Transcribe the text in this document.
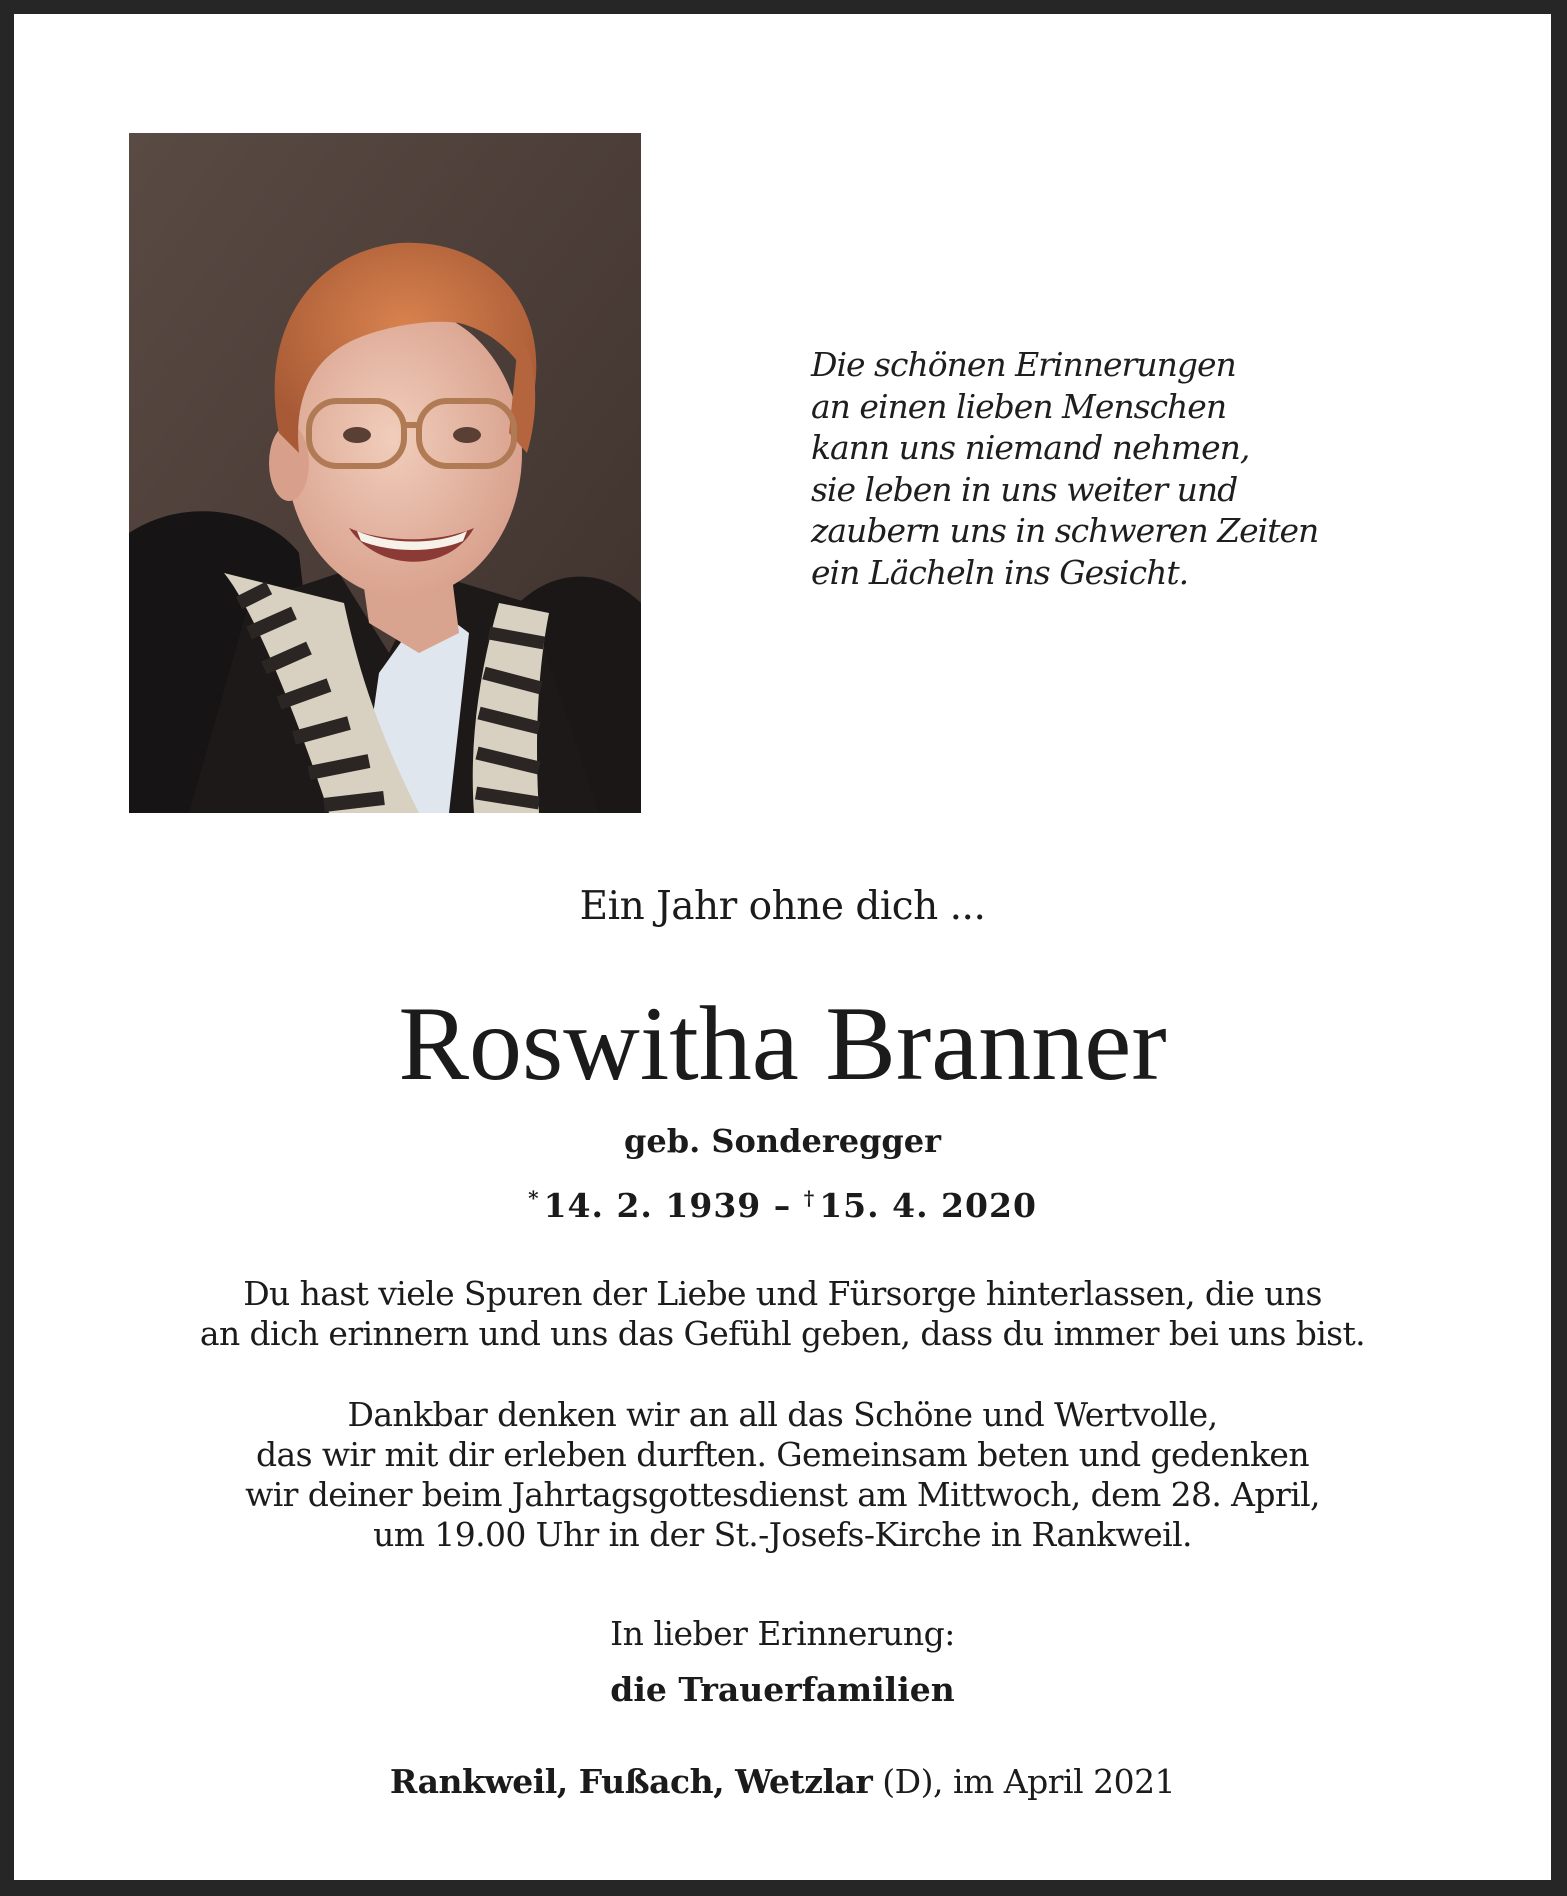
Die schönen Erinnerungen
an einen lieben Menschen
kann uns niemand nehmen,
sie leben in uns weiter und
zaubern uns in schweren Zeiten
ein Lächeln ins Gesicht.
Ein Jahr ohne dich ...
Roswitha Branner
geb. Sonderegger
* 14. 2. 1939 – † 15. 4. 2020
Du hast viele Spuren der Liebe und Fürsorge hinterlassen, die uns
an dich erinnern und uns das Gefühl geben, dass du immer bei uns bist.
Dankbar denken wir an all das Schöne und Wertvolle,
das wir mit dir erleben durften. Gemeinsam beten und gedenken
wir deiner beim Jahrtagsgottesdienst am Mittwoch, dem 28. April,
um 19.00 Uhr in der St.-Josefs-Kirche in Rankweil.
In lieber Erinnerung:
die Trauerfamilien
Rankweil, Fußach, Wetzlar (D), im April 2021
